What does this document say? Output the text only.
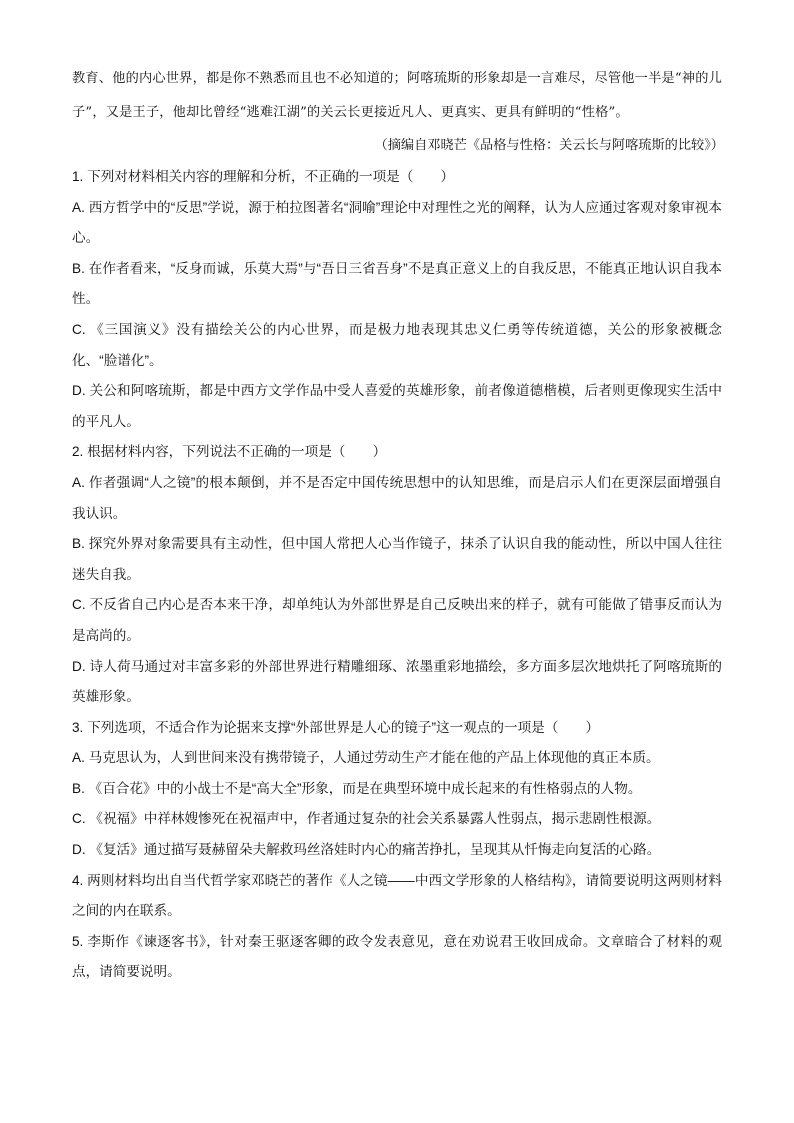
教育、他的内心世界，都是你不熟悉而且也不必知道的；阿喀琉斯的形象却是一言难尽，尽管他一半是“神的儿子”，又是王子，他却比曾经“逃难江湖”的关云长更接近凡人、更真实、更具有鲜明的“性格”。

（摘编自邓晓芒《品格与性格：关云长与阿喀琉斯的比较》）

1. 下列对材料相关内容的理解和分析，不正确的一项是（　　）

A. 西方哲学中的“反思”学说，源于柏拉图著名“洞喻”理论中对理性之光的阐释，认为人应通过客观对象审视本心。

B. 在作者看来，“反身而诚，乐莫大焉”与“吾日三省吾身”不是真正意义上的自我反思，不能真正地认识自我本性。

C. 《三国演义》没有描绘关公的内心世界，而是极力地表现其忠义仁勇等传统道德，关公的形象被概念化、“脸谱化”。

D. 关公和阿喀琉斯，都是中西方文学作品中受人喜爱的英雄形象，前者像道德楷模，后者则更像现实生活中的平凡人。

2. 根据材料内容，下列说法不正确的一项是（　　）

A. 作者强调“人之镜”的根本颠倒，并不是否定中国传统思想中的认知思维，而是启示人们在更深层面增强自我认识。

B. 探究外界对象需要具有主动性，但中国人常把人心当作镜子，抹杀了认识自我的能动性，所以中国人往往迷失自我。

C. 不反省自己内心是否本来干净，却单纯认为外部世界是自己反映出来的样子，就有可能做了错事反而认为是高尚的。

D. 诗人荷马通过对丰富多彩的外部世界进行精雕细琢、浓墨重彩地描绘，多方面多层次地烘托了阿喀琉斯的英雄形象。

3. 下列选项，不适合作为论据来支撑“外部世界是人心的镜子”这一观点的一项是（　　）

A. 马克思认为，人到世间来没有携带镜子，人通过劳动生产才能在他的产品上体现他的真正本质。

B. 《百合花》中的小战士不是“高大全”形象，而是在典型环境中成长起来的有性格弱点的人物。

C. 《祝福》中祥林嫂惨死在祝福声中，作者通过复杂的社会关系暴露人性弱点，揭示悲剧性根源。

D. 《复活》通过描写聂赫留朵夫解救玛丝洛娃时内心的痛苦挣扎，呈现其从忏悔走向复活的心路。

4. 两则材料均出自当代哲学家邓晓芒的著作《人之镜——中西文学形象的人格结构》，请简要说明这两则材料之间的内在联系。

5. 李斯作《谏逐客书》，针对秦王驱逐客卿的政令发表意见，意在劝说君王收回成命。文章暗合了材料的观点，请简要说明。
